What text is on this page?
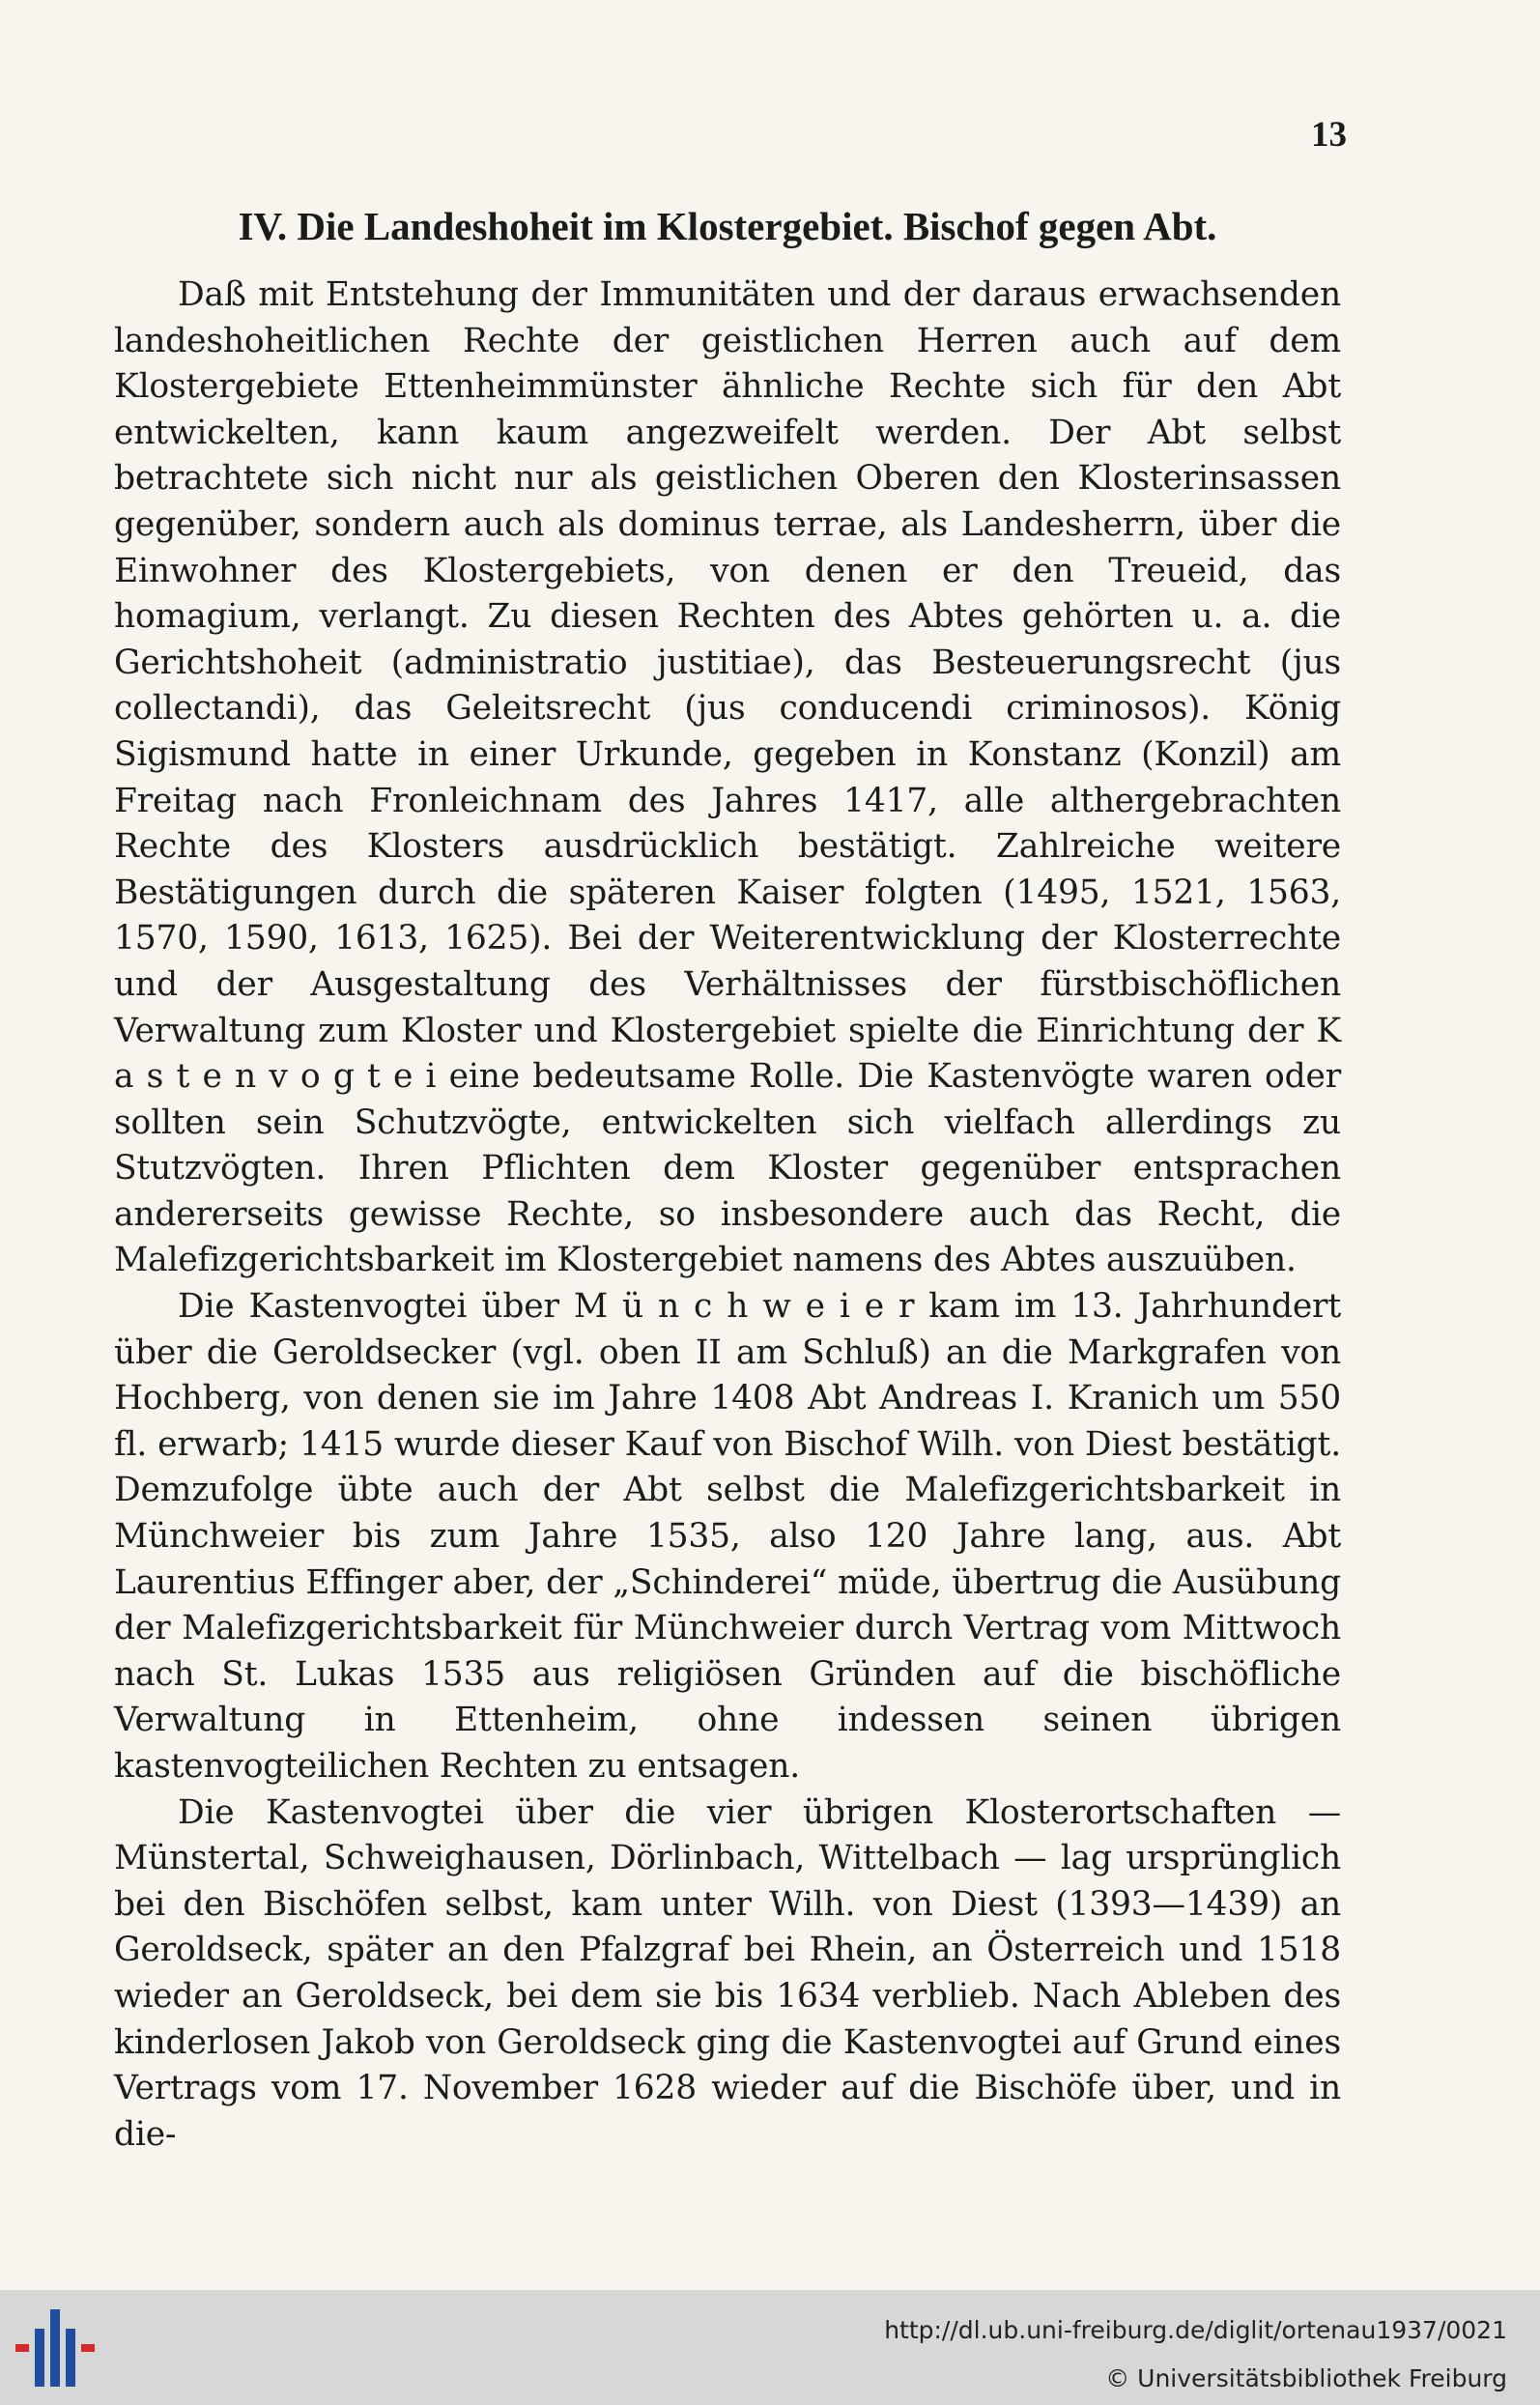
13
IV. Die Landeshoheit im Klostergebiet. Bischof gegen Abt.

Daß mit Entstehung der Immunitäten und der daraus erwachsenden landeshoheitlichen Rechte der geistlichen Herren auch auf dem Klostergebiete Ettenheimmünster ähnliche Rechte sich für den Abt entwickelten, kann kaum angezweifelt werden. Der Abt selbst betrachtete sich nicht nur als geistlichen Oberen den Klosterinsassen gegenüber, sondern auch als dominus terrae, als Landesherrn, über die Einwohner des Klostergebiets, von denen er den Treueid, das homagium, verlangt. Zu diesen Rechten des Abtes gehörten u. a. die Gerichtshoheit (administratio justitiae), das Besteuerungsrecht (jus collectandi), das Geleitsrecht (jus conducendi criminosos). König Sigismund hatte in einer Urkunde, gegeben in Konstanz (Konzil) am Freitag nach Fronleichnam des Jahres 1417, alle althergebrachten Rechte des Klosters ausdrücklich bestätigt. Zahlreiche weitere Bestätigungen durch die späteren Kaiser folgten (1495, 1521, 1563, 1570, 1590, 1613, 1625). Bei der Weiterentwicklung der Klosterrechte und der Ausgestaltung des Verhältnisses der fürstbischöflichen Verwaltung zum Kloster und Klostergebiet spielte die Einrichtung der K a s t e n v o g t e i eine bedeutsame Rolle. Die Kastenvögte waren oder sollten sein Schutzvögte, entwickelten sich vielfach allerdings zu Stutzvögten. Ihren Pflichten dem Kloster gegenüber entsprachen andererseits gewisse Rechte, so insbesondere auch das Recht, die Malefizgerichtsbarkeit im Klostergebiet namens des Abtes auszuüben.

Die Kastenvogtei über M ü n c h w e i e r kam im 13. Jahrhundert über die Geroldsecker (vgl. oben II am Schluß) an die Markgrafen von Hochberg, von denen sie im Jahre 1408 Abt Andreas I. Kranich um 550 fl. erwarb; 1415 wurde dieser Kauf von Bischof Wilh. von Diest bestätigt. Demzufolge übte auch der Abt selbst die Malefizgerichtsbarkeit in Münchweier bis zum Jahre 1535, also 120 Jahre lang, aus. Abt Laurentius Effinger aber, der „Schinderei“ müde, übertrug die Ausübung der Malefizgerichtsbarkeit für Münchweier durch Vertrag vom Mittwoch nach St. Lukas 1535 aus religiösen Gründen auf die bischöfliche Verwaltung in Ettenheim, ohne indessen seinen übrigen kastenvogteilichen Rechten zu entsagen.

Die Kastenvogtei über die vier übrigen Klosterortschaften — Münstertal, Schweighausen, Dörlinbach, Wittelbach — lag ursprünglich bei den Bischöfen selbst, kam unter Wilh. von Diest (1393—1439) an Geroldseck, später an den Pfalzgraf bei Rhein, an Österreich und 1518 wieder an Geroldseck, bei dem sie bis 1634 verblieb. Nach Ableben des kinderlosen Jakob von Geroldseck ging die Kastenvogtei auf Grund eines Vertrags vom 17. November 1628 wieder auf die Bischöfe über, und in die-

http://dl.ub.uni-freiburg.de/diglit/ortenau1937/0021
© Universitätsbibliothek Freiburg
